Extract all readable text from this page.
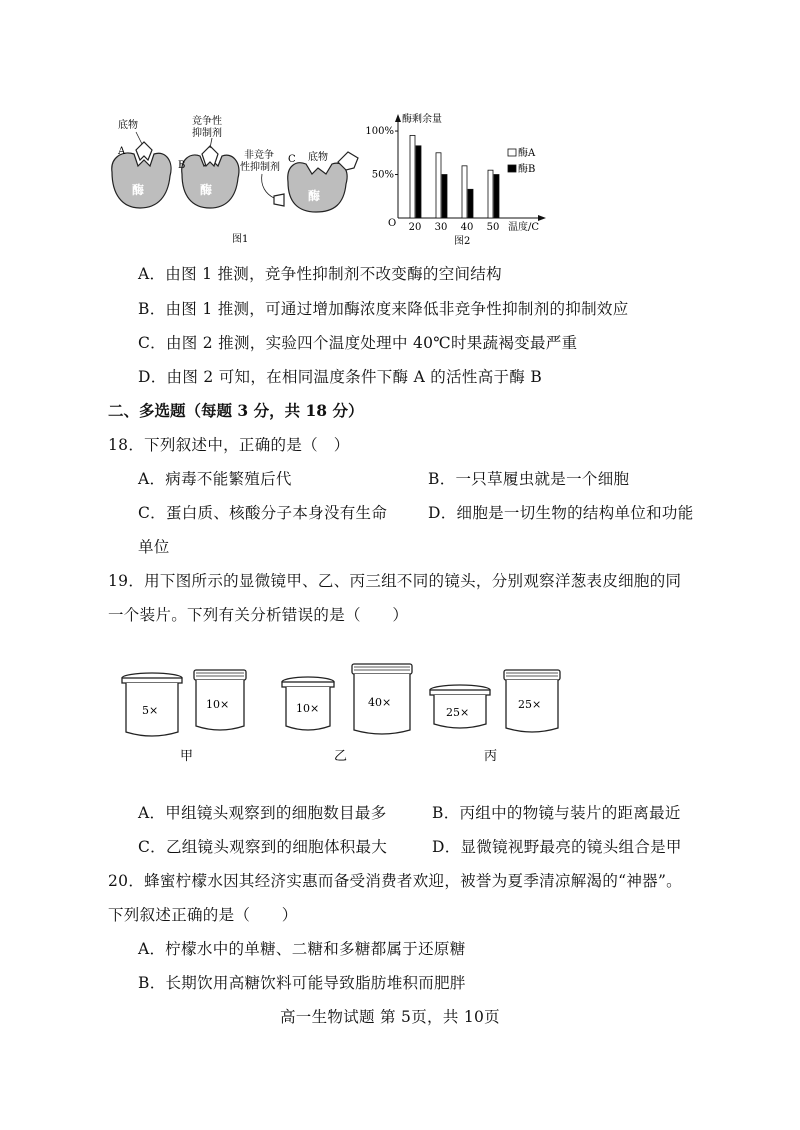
A
底物
酶
B
竞争性
抑制剂
酶
C
非竞争
性抑制剂
底物
酶
图1
酶剩余量
O	温度/C
图2
100%
50%
20 30 40 50
酶A
酶B
A．由图 1 推测，竞争性抑制剂不改变酶的空间结构
B．由图 1 推测，可通过增加酶浓度来降低非竞争性抑制剂的抑制效应
C．由图 2 推测，实验四个温度处理中 40℃时果蔬褐变最严重
D．由图 2 可知，在相同温度条件下酶 A 的活性高于酶 B
二、多选题（每题 3 分，共 18 分）
18．下列叙述中，正确的是（　）
A．病毒不能繁殖后代	B．一只草履虫就是一个细胞
C．蛋白质、核酸分子本身没有生命	D．细胞是一切生物的结构单位和功能
单位
19．用下图所示的显微镜甲、乙、丙三组不同的镜头，分别观察洋葱表皮细胞的同
一个装片。下列有关分析错误的是（　　）
5×	10×
甲
10×	40×
乙
25×
25×
丙
A．甲组镜头观察到的细胞数目最多	B．丙组中的物镜与装片的距离最近
C．乙组镜头观察到的细胞体积最大	D．显微镜视野最亮的镜头组合是甲
20．蜂蜜柠檬水因其经济实惠而备受消费者欢迎，被誉为夏季清凉解渴的“神器”。
下列叙述正确的是（　　）
A．柠檬水中的单糖、二糖和多糖都属于还原糖
B．长期饮用高糖饮料可能导致脂肪堆积而肥胖
高一生物试题 第 5页，共 10页
